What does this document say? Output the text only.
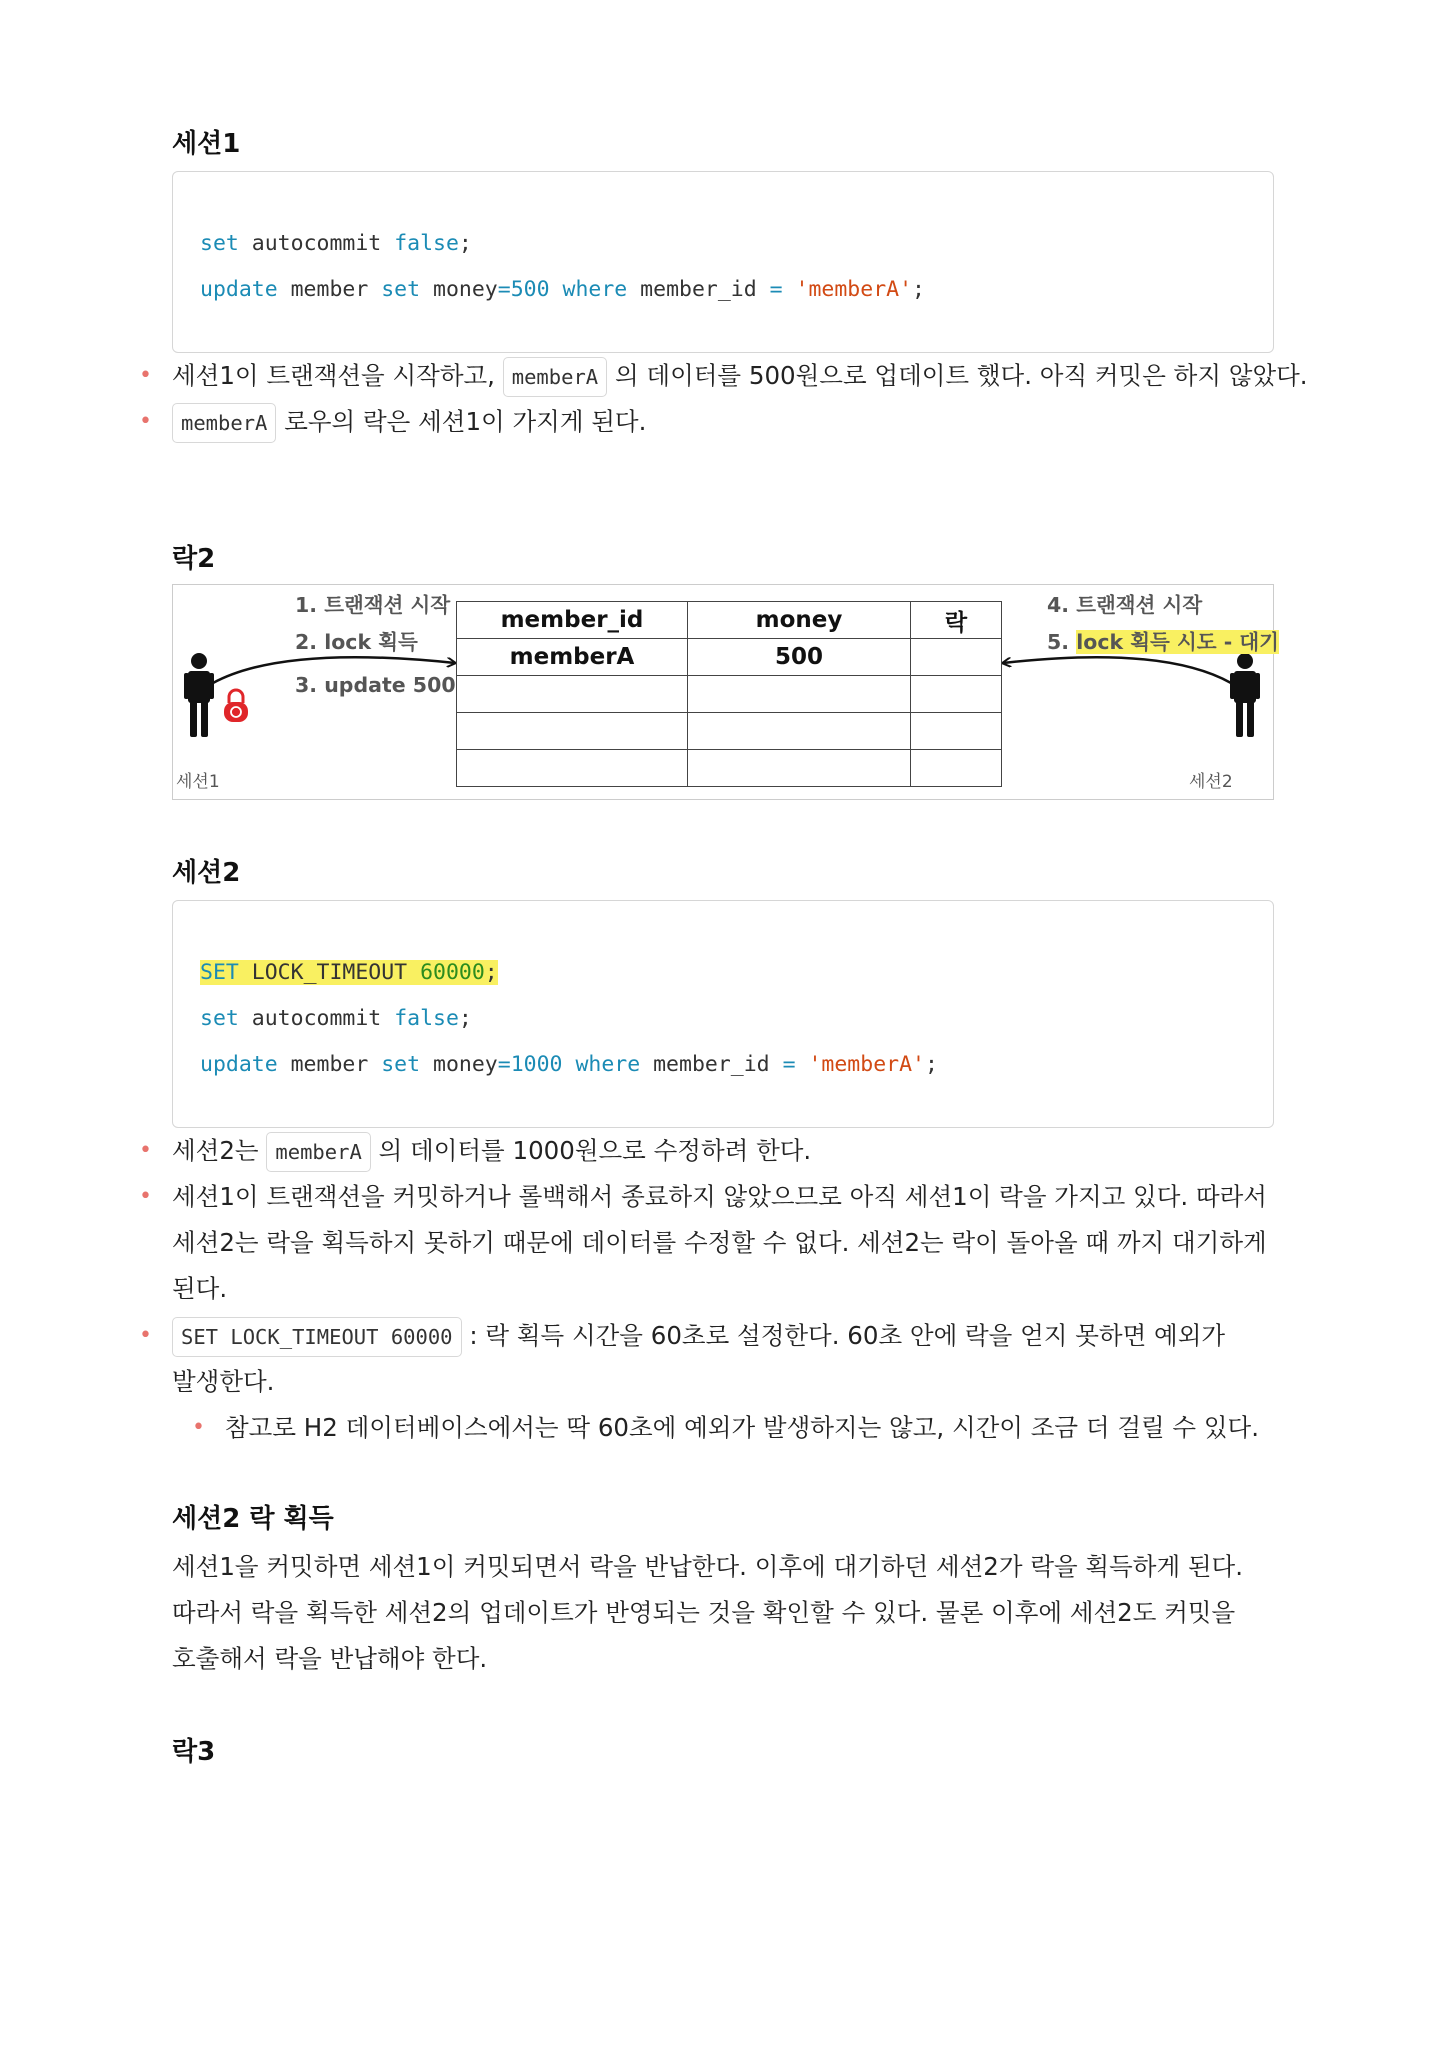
세션1
set autocommit false;
update member set money=500 where member_id = 'memberA';
• 세션1이 트랜잭션을 시작하고, memberA 의 데이터를 500원으로 업데이트 했다. 아직 커밋은 하지 않았다.
• memberA 로우의 락은 세션1이 가지게 된다.
락2
1. 트랜잭션 시작
2. lock 획득
3. update 500
4. 트랜잭션 시작
5. lock 획득 시도 - 대기
세션1	세션2
member_id	money	락
memberA	500	

세션2
SET LOCK_TIMEOUT 60000;
set autocommit false;
update member set money=1000 where member_id = 'memberA';
• 세션2는 memberA 의 데이터를 1000원으로 수정하려 한다.
• 세션1이 트랜잭션을 커밋하거나 롤백해서 종료하지 않았으므로 아직 세션1이 락을 가지고 있다. 따라서
세션2는 락을 획득하지 못하기 때문에 데이터를 수정할 수 없다. 세션2는 락이 돌아올 때 까지 대기하게
된다.
• SET LOCK_TIMEOUT 60000 : 락 획득 시간을 60초로 설정한다. 60초 안에 락을 얻지 못하면 예외가
발생한다.
• 참고로 H2 데이터베이스에서는 딱 60초에 예외가 발생하지는 않고, 시간이 조금 더 걸릴 수 있다.
세션2 락 획득
세션1을 커밋하면 세션1이 커밋되면서 락을 반납한다. 이후에 대기하던 세션2가 락을 획득하게 된다.
따라서 락을 획득한 세션2의 업데이트가 반영되는 것을 확인할 수 있다. 물론 이후에 세션2도 커밋을
호출해서 락을 반납해야 한다.
락3
